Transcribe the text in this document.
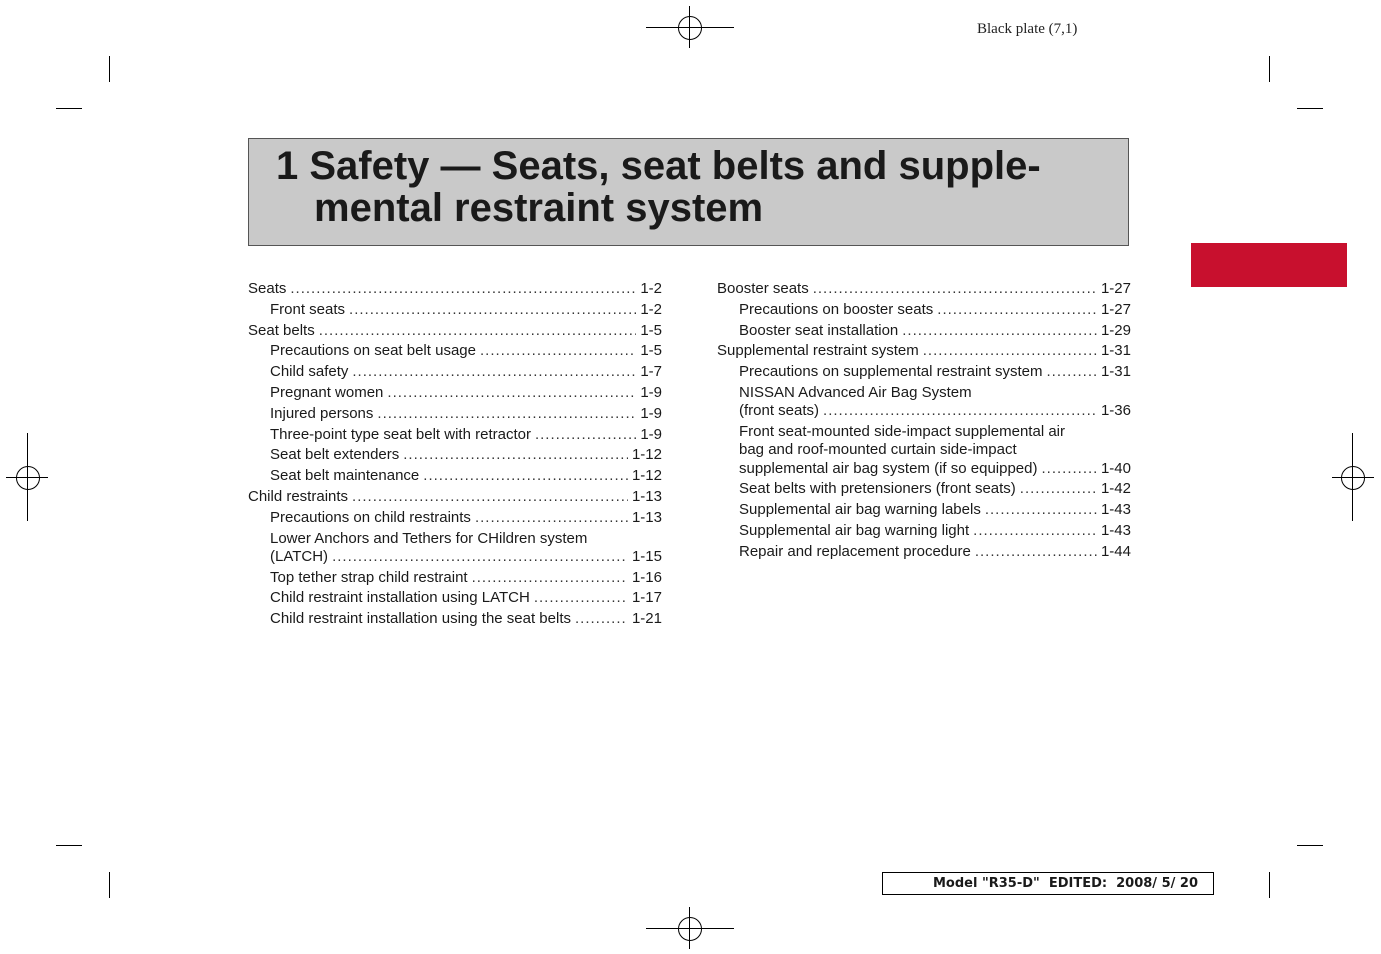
Black plate (7,1)
1 Safety — Seats, seat belts and supple-
mental restraint system
Seats .....	1-2
Front seats .....	1-2
Seat belts .....	1-5
Precautions on seat belt usage .....	1-5
Child safety .....	1-7
Pregnant women .....	1-9
Injured persons .....	1-9
Three-point type seat belt with retractor .....	1-9
Seat belt extenders .....	1-12
Seat belt maintenance .....	1-12
Child restraints .....	1-13
Precautions on child restraints .....	1-13
Lower Anchors and Tethers for CHildren system
(LATCH) .....	1-15
Top tether strap child restraint .....	1-16
Child restraint installation using LATCH .....	1-17
Child restraint installation using the seat belts .....	1-21
Booster seats .....	1-27
Precautions on booster seats .....	1-27
Booster seat installation .....	1-29
Supplemental restraint system .....	1-31
Precautions on supplemental restraint system .....	1-31
NISSAN Advanced Air Bag System
(front seats) .....	1-36
Front seat-mounted side-impact supplemental air
bag and roof-mounted curtain side-impact
supplemental air bag system (if so equipped) .....	1-40
Seat belts with pretensioners (front seats) .....	1-42
Supplemental air bag warning labels .....	1-43
Supplemental air bag warning light .....	1-43
Repair and replacement procedure .....	1-44
Model "R35-D"  EDITED:  2008/ 5/ 20
